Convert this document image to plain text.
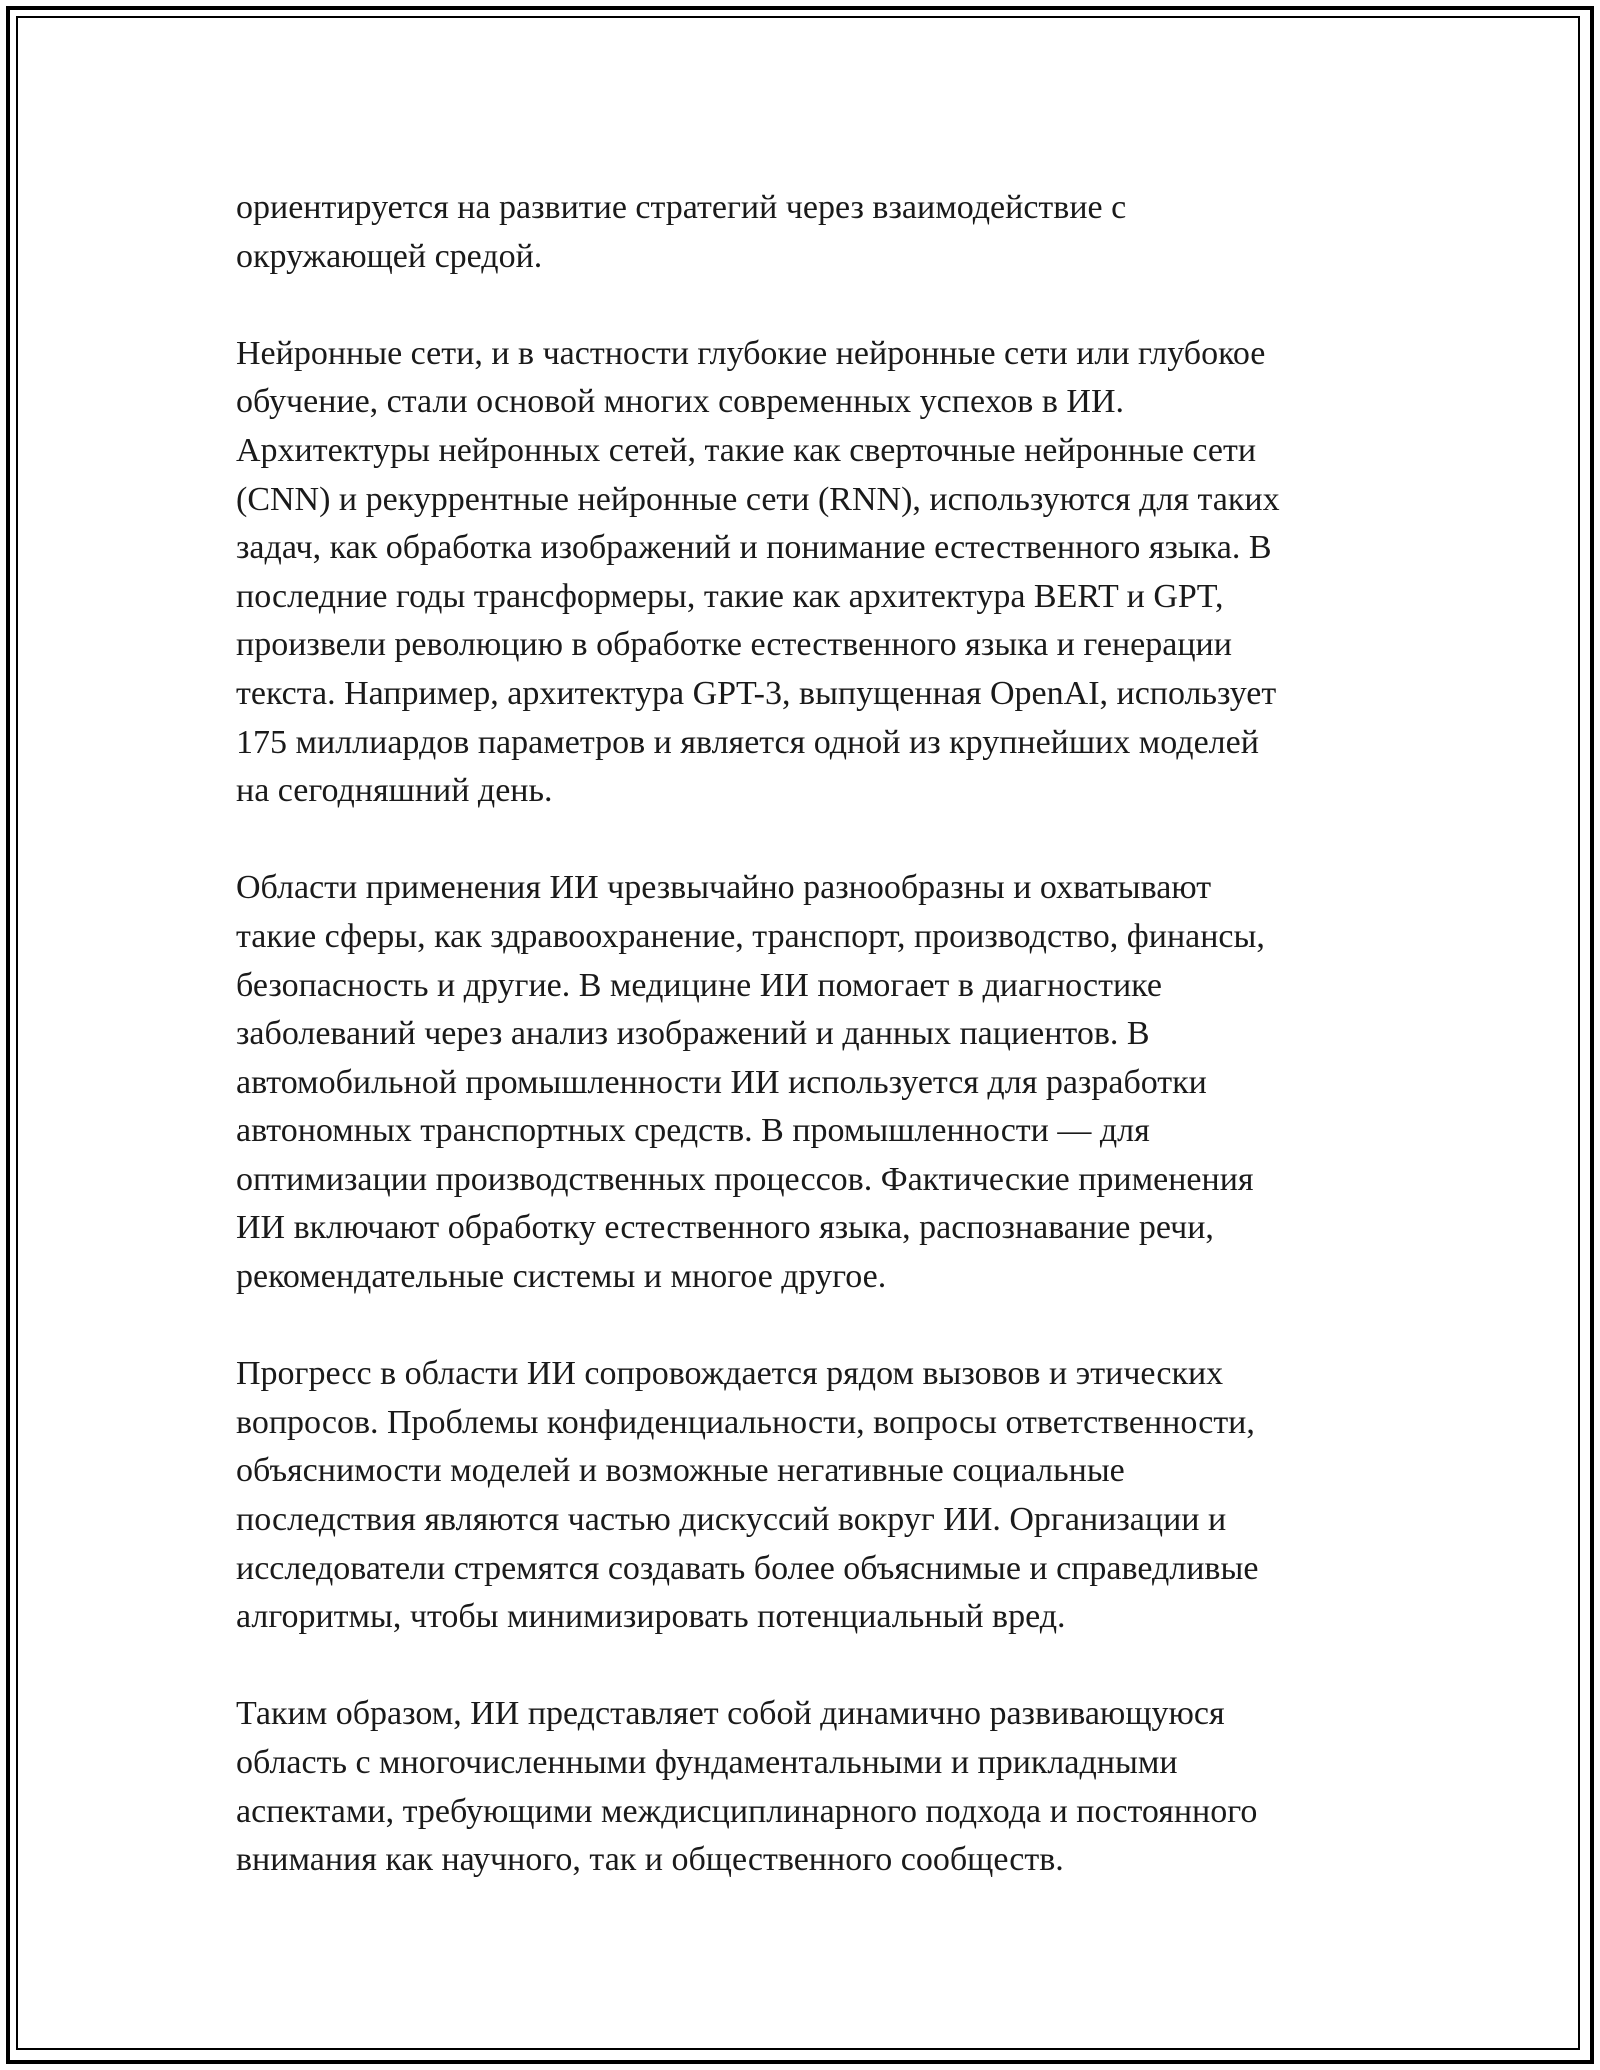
ориентируется на развитие стратегий через взаимодействие с
окружающей средой.

Нейронные сети, и в частности глубокие нейронные сети или глубокое
обучение, стали основой многих современных успехов в ИИ.
Архитектуры нейронных сетей, такие как сверточные нейронные сети
(CNN) и рекуррентные нейронные сети (RNN), используются для таких
задач, как обработка изображений и понимание естественного языка. В
последние годы трансформеры, такие как архитектура BERT и GPT,
произвели революцию в обработке естественного языка и генерации
текста. Например, архитектура GPT-3, выпущенная OpenAI, использует
175 миллиардов параметров и является одной из крупнейших моделей
на сегодняшний день.

Области применения ИИ чрезвычайно разнообразны и охватывают
такие сферы, как здравоохранение, транспорт, производство, финансы,
безопасность и другие. В медицине ИИ помогает в диагностике
заболеваний через анализ изображений и данных пациентов. В
автомобильной промышленности ИИ используется для разработки
автономных транспортных средств. В промышленности — для
оптимизации производственных процессов. Фактические применения
ИИ включают обработку естественного языка, распознавание речи,
рекомендательные системы и многое другое.

Прогресс в области ИИ сопровождается рядом вызовов и этических
вопросов. Проблемы конфиденциальности, вопросы ответственности,
объяснимости моделей и возможные негативные социальные
последствия являются частью дискуссий вокруг ИИ. Организации и
исследователи стремятся создавать более объяснимые и справедливые
алгоритмы, чтобы минимизировать потенциальный вред.

Таким образом, ИИ представляет собой динамично развивающуюся
область с многочисленными фундаментальными и прикладными
аспектами, требующими междисциплинарного подхода и постоянного
внимания как научного, так и общественного сообществ.
